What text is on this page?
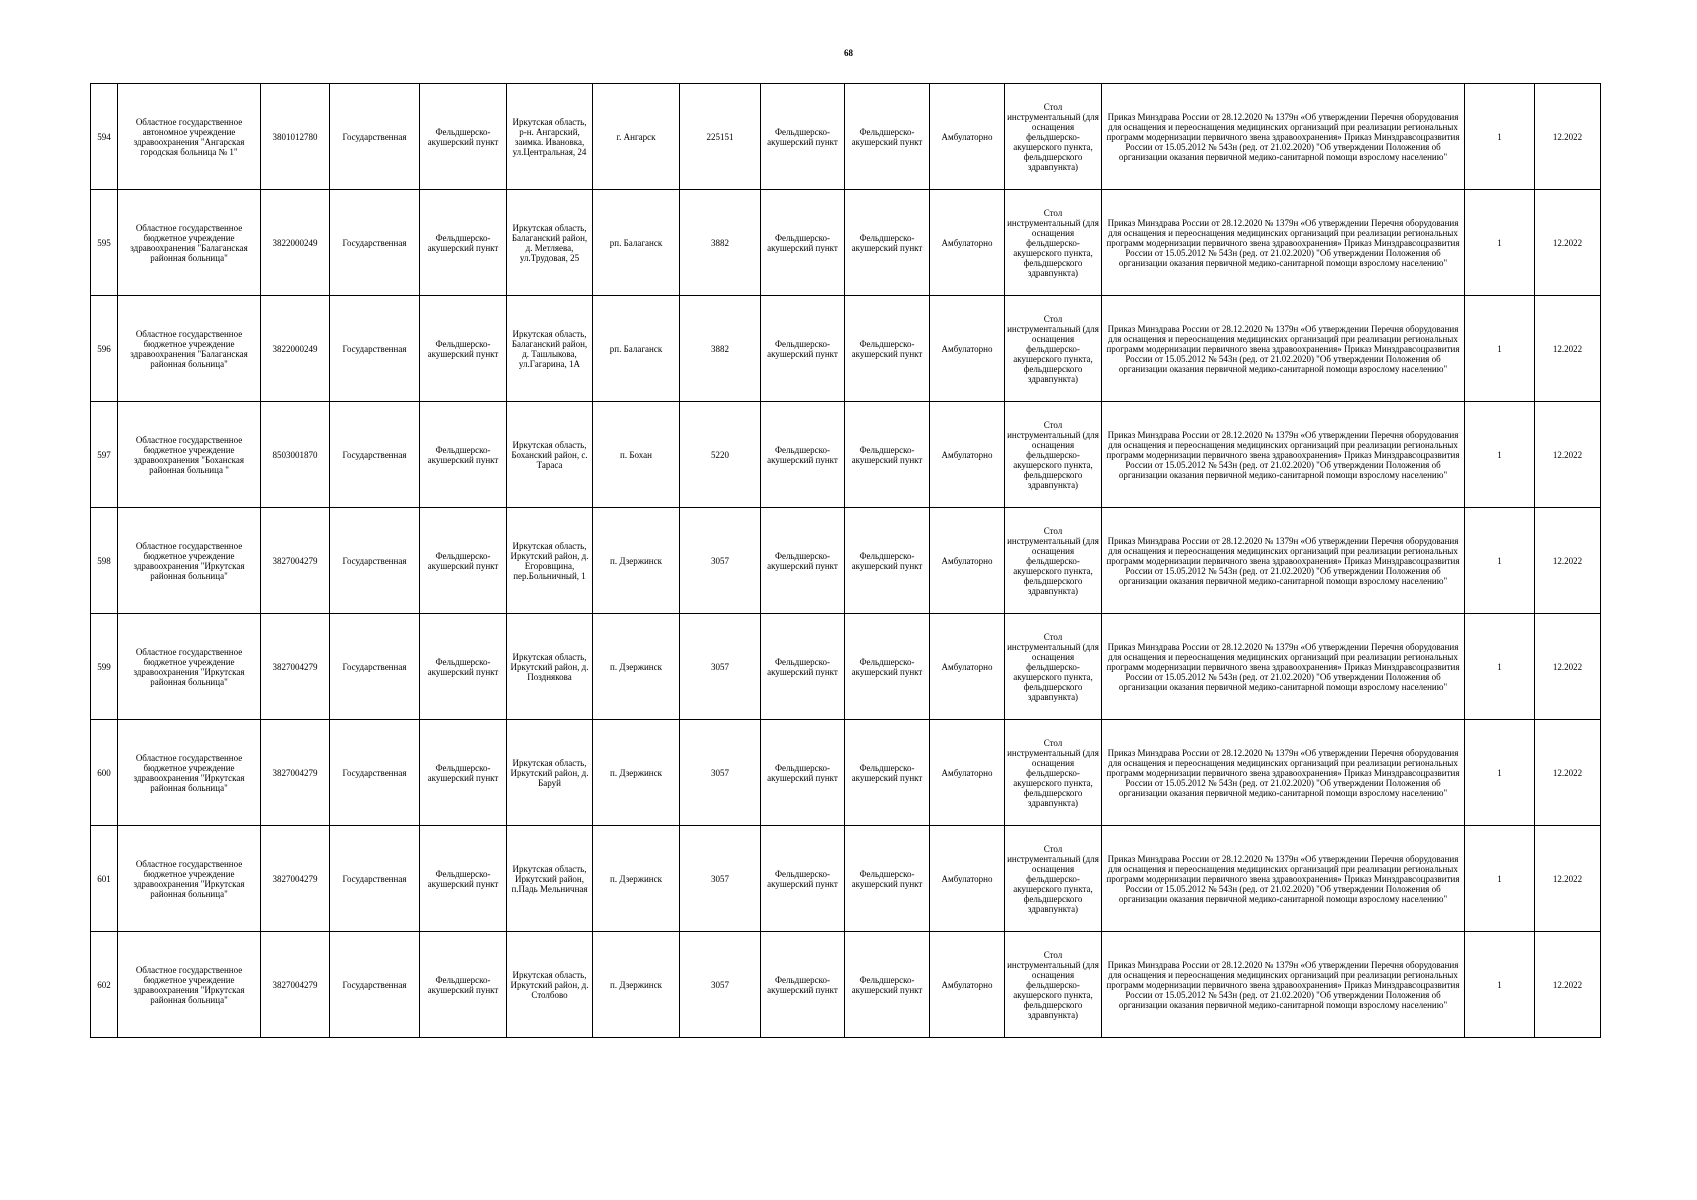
68
594	Областное государственное автономное учреждение здравоохранения "Ангарская городская больница № 1"	3801012780	Государственная	Фельдшерско-акушерский пункт	Иркутская область, р-н. Ангарский, заимка. Ивановка, ул.Центральная, 24	г. Ангарск	225151	Фельдшерско-акушерский пункт	Фельдшерско-акушерский пункт	Амбулаторно	Стол инструментальный (для оснащения фельдшерско-акушерского пункта, фельдшерского здравпункта)	Приказ Минздрава России от 28.12.2020 № 1379н «Об утверждении Перечня оборудования для оснащения и переоснащения медицинских организаций при реализации региональных программ модернизации первичного звена здравоохранения» Приказ Минздравсоцразвития России от 15.05.2012 № 543н (ред. от 21.02.2020) "Об утверждении Положения об организации оказания первичной медико-санитарной помощи взрослому населению"	1	12.2022
595	Областное государственное бюджетное учреждение здравоохранения "Балаганская районная больница"	3822000249	Государственная	Фельдшерско-акушерский пункт	Иркутская область, Балаганский район, д. Метляева, ул.Трудовая, 25	рп. Балаганск	3882	Фельдшерско-акушерский пункт	Фельдшерско-акушерский пункт	Амбулаторно	Стол инструментальный (для оснащения фельдшерско-акушерского пункта, фельдшерского здравпункта)	Приказ Минздрава России от 28.12.2020 № 1379н «Об утверждении Перечня оборудования для оснащения и переоснащения медицинских организаций при реализации региональных программ модернизации первичного звена здравоохранения» Приказ Минздравсоцразвития России от 15.05.2012 № 543н (ред. от 21.02.2020) "Об утверждении Положения об организации оказания первичной медико-санитарной помощи взрослому населению"	1	12.2022
596	Областное государственное бюджетное учреждение здравоохранения "Балаганская районная больница"	3822000249	Государственная	Фельдшерско-акушерский пункт	Иркутская область, Балаганский район, д. Ташлыкова, ул.Гагарина, 1А	рп. Балаганск	3882	Фельдшерско-акушерский пункт	Фельдшерско-акушерский пункт	Амбулаторно	Стол инструментальный (для оснащения фельдшерско-акушерского пункта, фельдшерского здравпункта)	Приказ Минздрава России от 28.12.2020 № 1379н «Об утверждении Перечня оборудования для оснащения и переоснащения медицинских организаций при реализации региональных программ модернизации первичного звена здравоохранения» Приказ Минздравсоцразвития России от 15.05.2012 № 543н (ред. от 21.02.2020) "Об утверждении Положения об организации оказания первичной медико-санитарной помощи взрослому населению"	1	12.2022
597	Областное государственное бюджетное учреждение здравоохранения "Боханская районная больница "	8503001870	Государственная	Фельдшерско-акушерский пункт	Иркутская область, Боханский район, с. Тараса	п. Бохан	5220	Фельдшерско-акушерский пункт	Фельдшерско-акушерский пункт	Амбулаторно	Стол инструментальный (для оснащения фельдшерско-акушерского пункта, фельдшерского здравпункта)	Приказ Минздрава России от 28.12.2020 № 1379н «Об утверждении Перечня оборудования для оснащения и переоснащения медицинских организаций при реализации региональных программ модернизации первичного звена здравоохранения» Приказ Минздравсоцразвития России от 15.05.2012 № 543н (ред. от 21.02.2020) "Об утверждении Положения об организации оказания первичной медико-санитарной помощи взрослому населению"	1	12.2022
598	Областное государственное бюджетное учреждение здравоохранения "Иркутская районная больница"	3827004279	Государственная	Фельдшерско-акушерский пункт	Иркутская область, Иркутский район, д. Егоровщина, пер.Больничный, 1	п. Дзержинск	3057	Фельдшерско-акушерский пункт	Фельдшерско-акушерский пункт	Амбулаторно	Стол инструментальный (для оснащения фельдшерско-акушерского пункта, фельдшерского здравпункта)	Приказ Минздрава России от 28.12.2020 № 1379н «Об утверждении Перечня оборудования для оснащения и переоснащения медицинских организаций при реализации региональных программ модернизации первичного звена здравоохранения» Приказ Минздравсоцразвития России от 15.05.2012 № 543н (ред. от 21.02.2020) "Об утверждении Положения об организации оказания первичной медико-санитарной помощи взрослому населению"	1	12.2022
599	Областное государственное бюджетное учреждение здравоохранения "Иркутская районная больница"	3827004279	Государственная	Фельдшерско-акушерский пункт	Иркутская область, Иркутский район, д. Позднякова	п. Дзержинск	3057	Фельдшерско-акушерский пункт	Фельдшерско-акушерский пункт	Амбулаторно	Стол инструментальный (для оснащения фельдшерско-акушерского пункта, фельдшерского здравпункта)	Приказ Минздрава России от 28.12.2020 № 1379н «Об утверждении Перечня оборудования для оснащения и переоснащения медицинских организаций при реализации региональных программ модернизации первичного звена здравоохранения» Приказ Минздравсоцразвития России от 15.05.2012 № 543н (ред. от 21.02.2020) "Об утверждении Положения об организации оказания первичной медико-санитарной помощи взрослому населению"	1	12.2022
600	Областное государственное бюджетное учреждение здравоохранения "Иркутская районная больница"	3827004279	Государственная	Фельдшерско-акушерский пункт	Иркутская область, Иркутский район, д. Баруй	п. Дзержинск	3057	Фельдшерско-акушерский пункт	Фельдшерско-акушерский пункт	Амбулаторно	Стол инструментальный (для оснащения фельдшерско-акушерского пункта, фельдшерского здравпункта)	Приказ Минздрава России от 28.12.2020 № 1379н «Об утверждении Перечня оборудования для оснащения и переоснащения медицинских организаций при реализации региональных программ модернизации первичного звена здравоохранения» Приказ Минздравсоцразвития России от 15.05.2012 № 543н (ред. от 21.02.2020) "Об утверждении Положения об организации оказания первичной медико-санитарной помощи взрослому населению"	1	12.2022
601	Областное государственное бюджетное учреждение здравоохранения "Иркутская районная больница"	3827004279	Государственная	Фельдшерско-акушерский пункт	Иркутская область, Иркутский район, п.Падь Мельничная	п. Дзержинск	3057	Фельдшерско-акушерский пункт	Фельдшерско-акушерский пункт	Амбулаторно	Стол инструментальный (для оснащения фельдшерско-акушерского пункта, фельдшерского здравпункта)	Приказ Минздрава России от 28.12.2020 № 1379н «Об утверждении Перечня оборудования для оснащения и переоснащения медицинских организаций при реализации региональных программ модернизации первичного звена здравоохранения» Приказ Минздравсоцразвития России от 15.05.2012 № 543н (ред. от 21.02.2020) "Об утверждении Положения об организации оказания первичной медико-санитарной помощи взрослому населению"	1	12.2022
602	Областное государственное бюджетное учреждение здравоохранения "Иркутская районная больница"	3827004279	Государственная	Фельдшерско-акушерский пункт	Иркутская область, Иркутский район, д. Столбово	п. Дзержинск	3057	Фельдшерско-акушерский пункт	Фельдшерско-акушерский пункт	Амбулаторно	Стол инструментальный (для оснащения фельдшерско-акушерского пункта, фельдшерского здравпункта)	Приказ Минздрава России от 28.12.2020 № 1379н «Об утверждении Перечня оборудования для оснащения и переоснащения медицинских организаций при реализации региональных программ модернизации первичного звена здравоохранения» Приказ Минздравсоцразвития России от 15.05.2012 № 543н (ред. от 21.02.2020) "Об утверждении Положения об организации оказания первичной медико-санитарной помощи взрослому населению"	1	12.2022
